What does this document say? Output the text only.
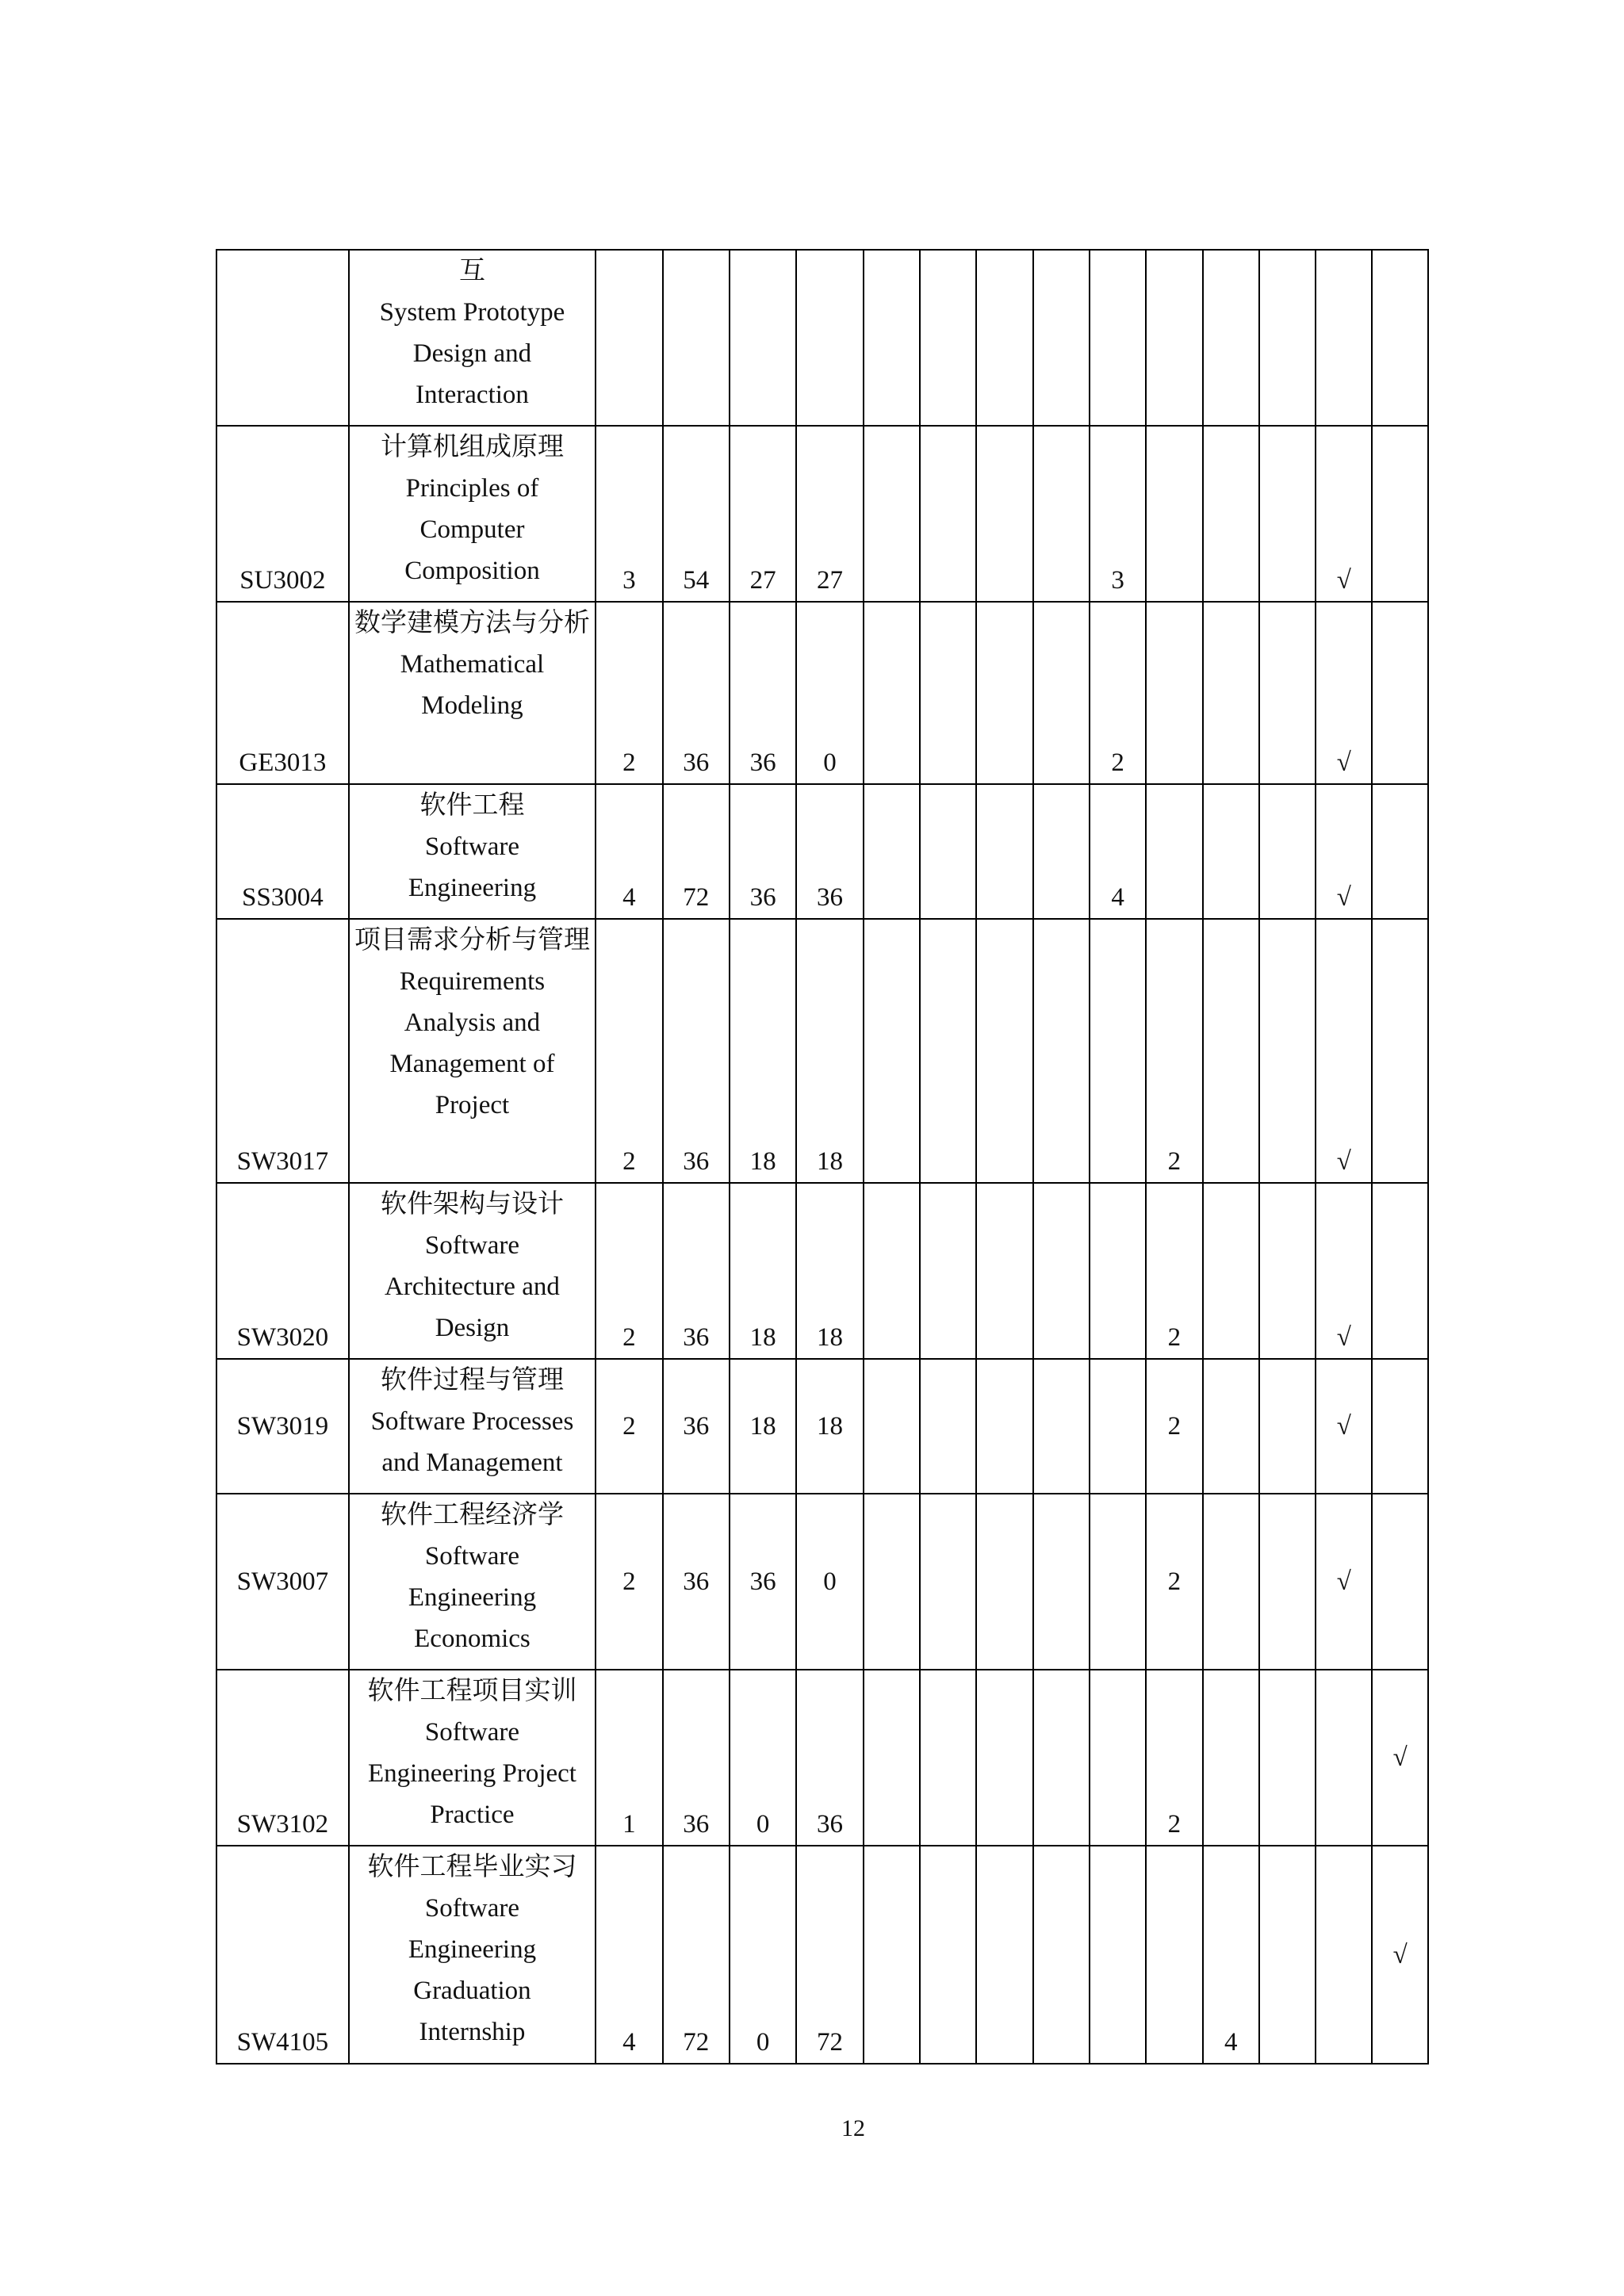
	互
System Prototype
Design and
Interaction														

SU3002	计算机组成原理
Principles of
Computer
Composition	3	54	27	27					3				√	
GE3013	数学建模方法与分析
Mathematical
Modeling	2	36	36	0					2				√	
SS3004	软件工程
Software
Engineering	4	72	36	36					4				√	
SW3017	项目需求分析与管理
Requirements
Analysis and
Management of
Project	2	36	18	18						2			√	
SW3020	软件架构与设计
Software
Architecture and
Design	2	36	18	18						2			√	
SW3019	软件过程与管理
Software Processes
and Management	2	36	18	18						2			√	
SW3007	软件工程经济学
Software
Engineering
Economics	2	36	36	0						2			√	
SW3102	软件工程项目实训
Software
Engineering Project
Practice	1	36	0	36						2				√
SW4105	软件工程毕业实习
Software
Engineering
Graduation
Internship	4	72	0	72							4			√
12
